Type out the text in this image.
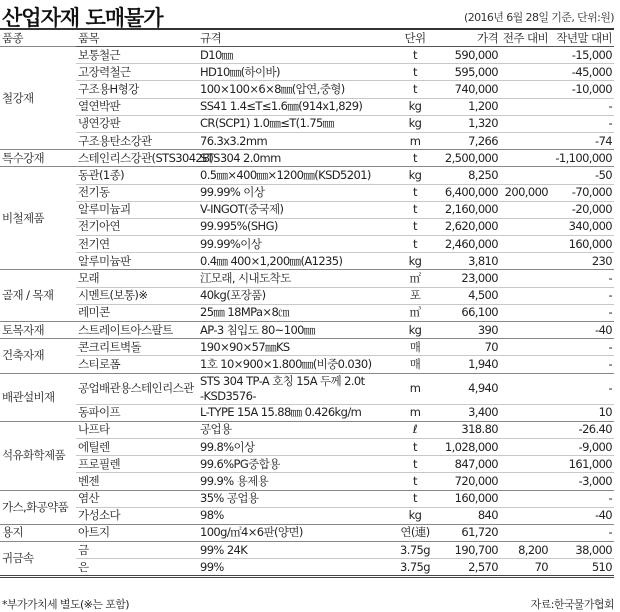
산업자재 도매물가	(2016년 6월 28일 기준, 단위:원)
품종	품목	규격	단위	가격	전주 대비	작년말 대비
철강재	보통철근	D10㎜	t	590,000		-15,000
	고장력철근	HD10㎜(하이바)	t	595,000		-45,000
	구조용H형강	100×100×6×8㎜(압연,중형)	t	740,000		-10,000
	열연박판	SS41 1.4≤T≤1.6㎜(914x1,829)	kg	1,200		-
	냉연강판	CR(SCP1) 1.0㎜≤T(1.75㎜	kg	1,320		-
	구조용탄소강관	76.3x3.2mm	m	7,266		-74
특수강재	스테인리스강관(STS3042B)	STS304 2.0mm	t	2,500,000		-1,100,000
비철제품	동관(1종)	0.5㎜×400㎜×1200㎜(KSD5201)	kg	8,250		-50
	전기동	99.99% 이상	t	6,400,000	200,000	-70,000
	알루미늄괴	V-INGOT(중국제)	t	2,160,000		-20,000
	전기아연	99.995%(SHG)	t	2,620,000		340,000
	전기연	99.99%이상	t	2,460,000		160,000
	알루미늄판	0.4㎜ 400×1,200㎜(A1235)	kg	3,810		230
골재 / 목재	모래	江모래, 시내도착도	㎡	23,000		-
	시멘트(보통)※	40kg(포장품)	포	4,500		-
	레미콘	25㎜ 18MPa×8㎝	㎥	66,100		-
토목자재	스트레이트아스팔트	AP-3 침입도 80~100㎜	kg	390		-40
건축자재	콘크리트벽돌	190×90×57㎜KS	매	70		-
	스티로폼	1호 10×900×1.800㎜(비중0.030)	매	1,940		-
배관설비재	공업배관용스테인리스관	STS 304 TP-A 호칭 15A 두께 2.0t
-KSD3576-	m	4,940		-
	동파이프	L-TYPE 15A 15.88㎜ 0.426kg/m	m	3,400		10
석유화학제품	나프타	공업용	ℓ	318.80		-26.40
	에틸렌	99.8%이상	t	1,028,000		-9,000
	프로필렌	99.6%PG중합용	t	847,000		161,000
	벤젠	99.9% 용제용	t	720,000		-3,000
가스,화공약품	염산	35% 공업용	t	160,000		-
	가성소다	98%	kg	840		-40
용지	아트지	100g/㎡4×6판(양면)	연(連)	61,720		-
귀금속	금	99% 24K	3.75g	190,700	8,200	38,000
	은	99%	3.75g	2,570	70	510
*부가가치세 별도(※는 포함)	자료:한국물가협회
